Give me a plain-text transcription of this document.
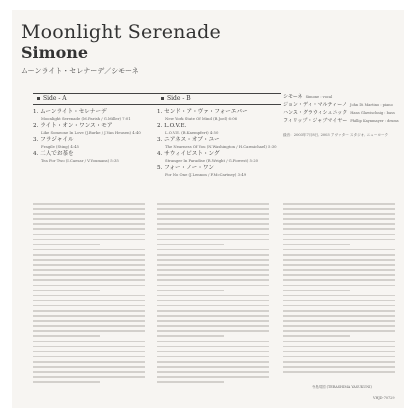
Moonlight Serenade
Simone
ムーンライト・セレナーデ／シモーネ
Side - A
1. ムーンライト・セレナーデ
Moonlight Serenade (M.Parish / G.Miller) 7:01
2. ライト・オン・ワンス・モア
Like Someone In Love (J.Burke / J.Van Heusen) 4:40
3. フラジャイル
Fragile (Sting) 4:45
4. 二人でお茶を
Tea For Two (I.Caesar / V.Youmans) 5:35
Side - B
1. センド・ア・ヴァ・フォーエバー
New York State Of Mind (B.Joel) 6:06
2. L.O.V.E.
L.O.V.E. (B.Kaempfert) 4:50
3. ニアネス・オブ・ユー
The Nearness Of You (N.Washington / H.Carmichael) 5:30
4. サウィイビスト・ング
Stranger In Paradise (R.Wright / G.Forrest) 5:20
5. フォー・ノー・ワン
For No One (J.Lennon / P.McCartney) 3:49
シモーネ Simone : vocal
ジョン・ディ・マルティーノ John Di Martino : piano
ハンス・グラウィシュニック Hans Glawischnig : bass
フィリップ・ジャブマイヤー Phillip Kaynmayer : drums
録音：2003年7月8日, 2003 アヴァター スタジオ, ニューヨーク
寺島靖国 (TERASHIMA YASUKUNI)
VHJD-70729
